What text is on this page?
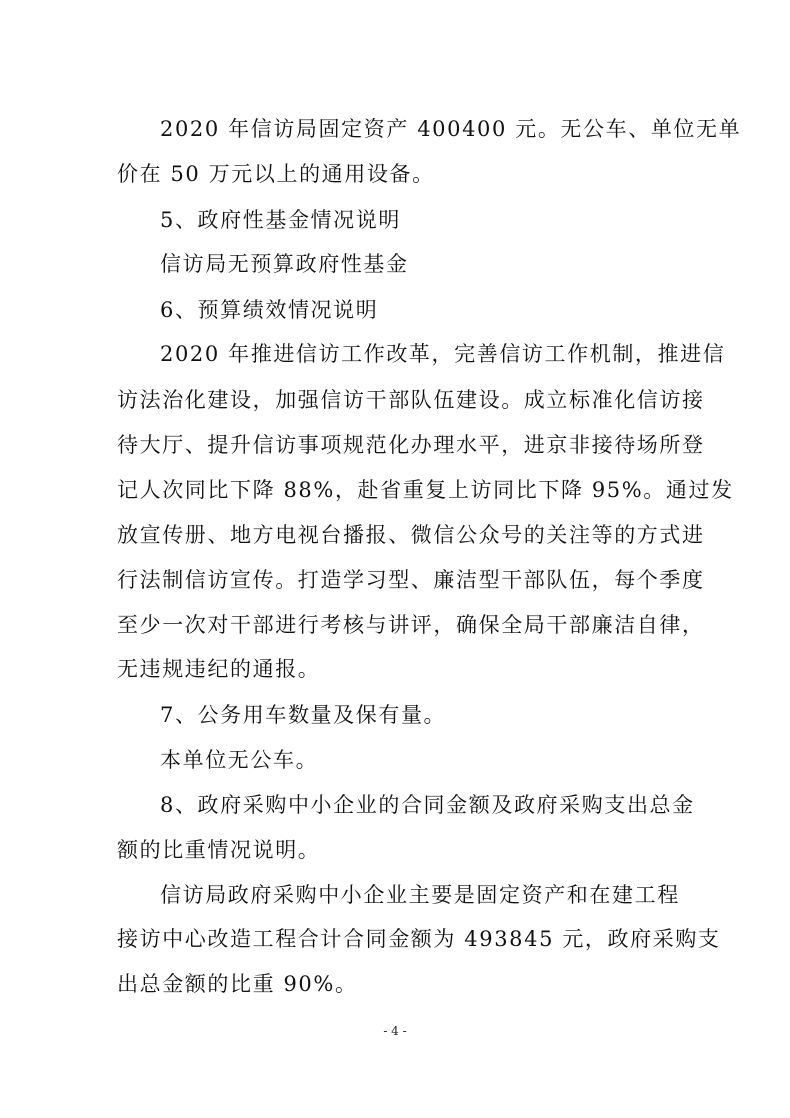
2020 年信访局固定资产 400400 元。无公车、单位无单
价在 50 万元以上的通用设备。
5、政府性基金情况说明
信访局无预算政府性基金
6、预算绩效情况说明
2020 年推进信访工作改革，完善信访工作机制，推进信
访法治化建设，加强信访干部队伍建设。成立标准化信访接
待大厅、提升信访事项规范化办理水平，进京非接待场所登
记人次同比下降 88%，赴省重复上访同比下降 95%。通过发
放宣传册、地方电视台播报、微信公众号的关注等的方式进
行法制信访宣传。打造学习型、廉洁型干部队伍，每个季度
至少一次对干部进行考核与讲评，确保全局干部廉洁自律，
无违规违纪的通报。
7、公务用车数量及保有量。
本单位无公车。
8、政府采购中小企业的合同金额及政府采购支出总金
额的比重情况说明。
信访局政府采购中小企业主要是固定资产和在建工程
接访中心改造工程合计合同金额为 493845 元，政府采购支
出总金额的比重 90%。
- 4 -
